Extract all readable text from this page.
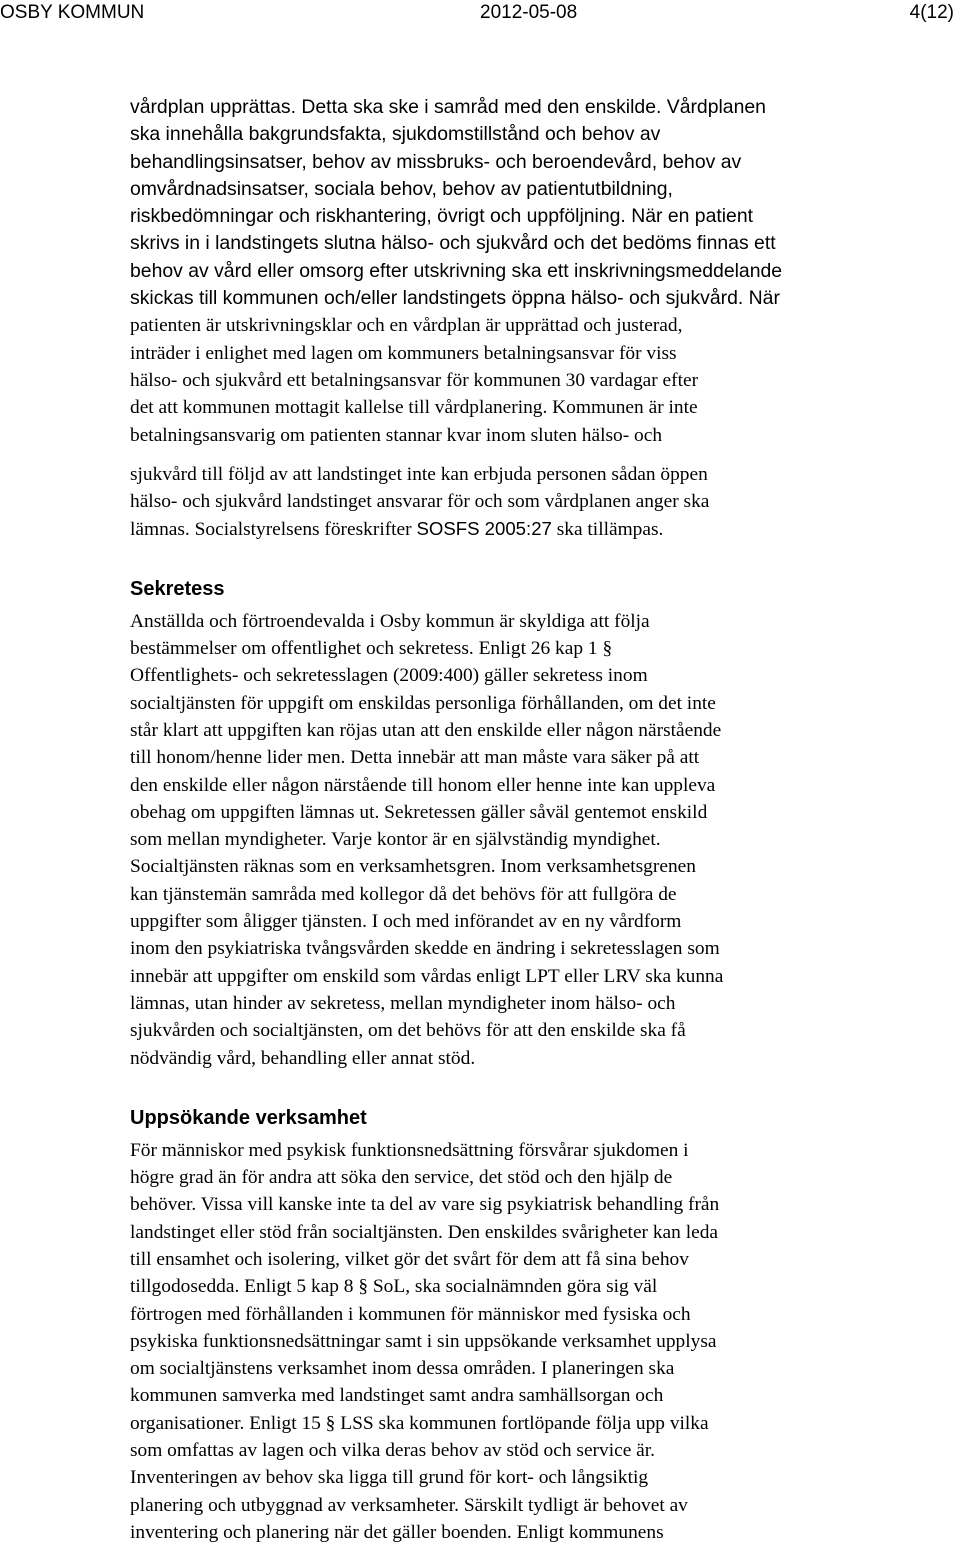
OSBY KOMMUN	2012-05-08	4(12)
vårdplan upprättas. Detta ska ske i samråd med den enskilde. Vårdplanen
ska innehålla bakgrundsfakta, sjukdomstillstånd och behov av
behandlingsinsatser, behov av missbruks- och beroendevård, behov av
omvårdnadsinsatser, sociala behov, behov av patientutbildning,
riskbedömningar och riskhantering, övrigt och uppföljning. När en patient
skrivs in i landstingets slutna hälso- och sjukvård och det bedöms finnas ett
behov av vård eller omsorg efter utskrivning ska ett inskrivningsmeddelande
skickas till kommunen och/eller landstingets öppna hälso- och sjukvård. När
patienten är utskrivningsklar och en vårdplan är upprättad och justerad,
inträder i enlighet med lagen om kommuners betalningsansvar för viss
hälso- och sjukvård ett betalningsansvar för kommunen 30 vardagar efter
det att kommunen mottagit kallelse till vårdplanering. Kommunen är inte
betalningsansvarig om patienten stannar kvar inom sluten hälso- och
sjukvård till följd av att landstinget inte kan erbjuda personen sådan öppen
hälso- och sjukvård landstinget ansvarar för och som vårdplanen anger ska
lämnas. Socialstyrelsens föreskrifter SOSFS 2005:27 ska tillämpas.
Sekretess
Anställda och förtroendevalda i Osby kommun är skyldiga att följa
bestämmelser om offentlighet och sekretess. Enligt 26 kap 1 §
Offentlighets- och sekretesslagen (2009:400) gäller sekretess inom
socialtjänsten för uppgift om enskildas personliga förhållanden, om det inte
står klart att uppgiften kan röjas utan att den enskilde eller någon närstående
till honom/henne lider men. Detta innebär att man måste vara säker på att
den enskilde eller någon närstående till honom eller henne inte kan uppleva
obehag om uppgiften lämnas ut. Sekretessen gäller såväl gentemot enskild
som mellan myndigheter. Varje kontor är en självständig myndighet.
Socialtjänsten räknas som en verksamhetsgren. Inom verksamhetsgrenen
kan tjänstemän samråda med kollegor då det behövs för att fullgöra de
uppgifter som åligger tjänsten. I och med införandet av en ny vårdform
inom den psykiatriska tvångsvården skedde en ändring i sekretesslagen som
innebär att uppgifter om enskild som vårdas enligt LPT eller LRV ska kunna
lämnas, utan hinder av sekretess, mellan myndigheter inom hälso- och
sjukvården och socialtjänsten, om det behövs för att den enskilde ska få
nödvändig vård, behandling eller annat stöd.
Uppsökande verksamhet
För människor med psykisk funktionsnedsättning försvårar sjukdomen i
högre grad än för andra att söka den service, det stöd och den hjälp de
behöver. Vissa vill kanske inte ta del av vare sig psykiatrisk behandling från
landstinget eller stöd från socialtjänsten. Den enskildes svårigheter kan leda
till ensamhet och isolering, vilket gör det svårt för dem att få sina behov
tillgodosedda. Enligt 5 kap 8 § SoL, ska socialnämnden göra sig väl
förtrogen med förhållanden i kommunen för människor med fysiska och
psykiska funktionsnedsättningar samt i sin uppsökande verksamhet upplysa
om socialtjänstens verksamhet inom dessa områden. I planeringen ska
kommunen samverka med landstinget samt andra samhällsorgan och
organisationer. Enligt 15 § LSS ska kommunen fortlöpande följa upp vilka
som omfattas av lagen och vilka deras behov av stöd och service är.
Inventeringen av behov ska ligga till grund för kort- och långsiktig
planering och utbyggnad av verksamheter. Särskilt tydligt är behovet av
inventering och planering när det gäller boenden. Enligt kommunens
